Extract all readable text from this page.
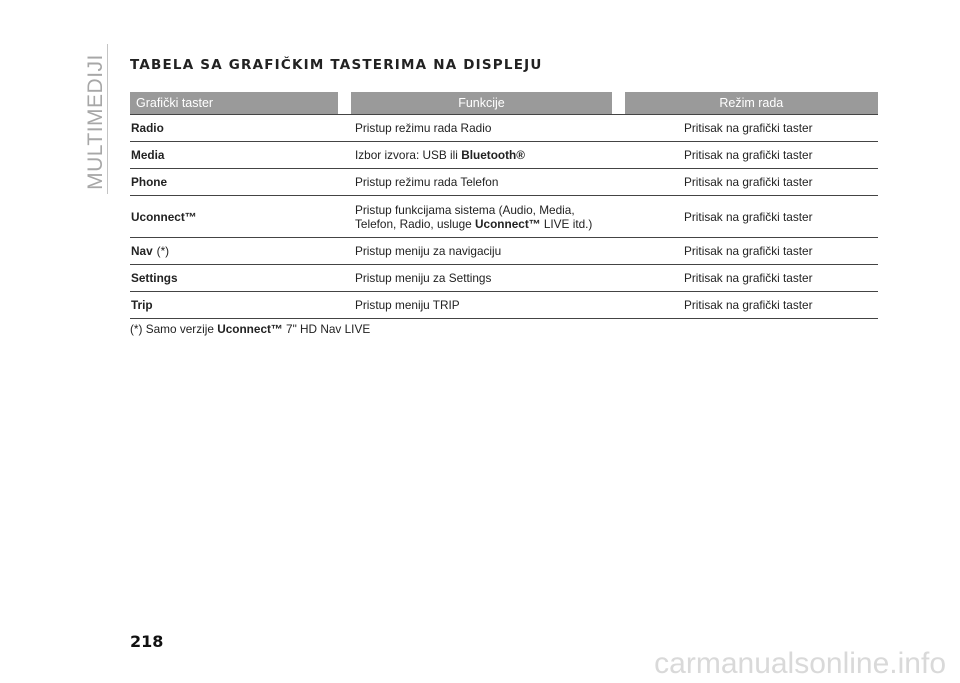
MULTIMEDIJI TABELA SA GRAFIČKIM TASTERIMA NA DISPLEJU
Grafički taster	Funkcije	Režim rada
Radio	Pristup režimu rada Radio	Pritisak na grafički taster
Media	Izbor izvora: USB ili Bluetooth®	Pritisak na grafički taster
Phone	Pristup režimu rada Telefon	Pritisak na grafički taster
Uconnect™	Pristup funkcijama sistema (Audio, Media,
Telefon, Radio, usluge Uconnect™ LIVE itd.)	Pritisak na grafički taster
Nav (*)	Pristup meniju za navigaciju	Pritisak na grafički taster
Settings	Pristup meniju za Settings	Pritisak na grafički taster
Trip	Pristup meniju TRIP	Pritisak na grafički taster
(*) Samo verzije Uconnect™ 7" HD Nav LIVE
218
carmanualsonline.info
